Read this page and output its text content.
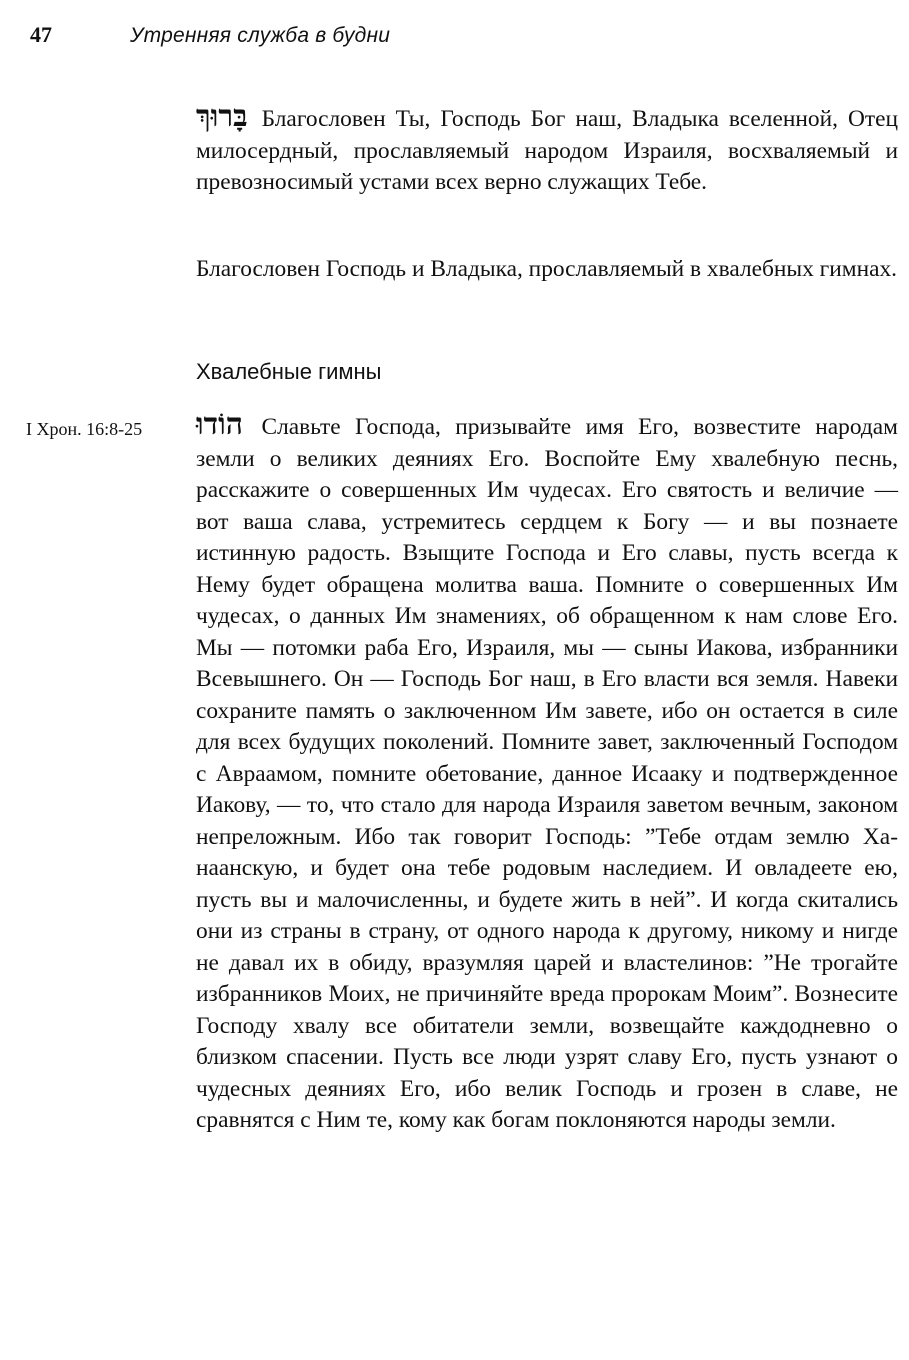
47	Утренняя служба в будни

בָּרוּךְ Благословен Ты, Господь Бог наш, Владыка вселенной, Отец милосердный, прославляемый народом Израиля, восхваляемый и превозносимый устами всех верно служащих Тебе.

Благословен Господь и Владыка, прославляемый в хвалебных гимнах.

Хвалебные гимны
I Хрон. 16:8-25 הוֹדוּ Славьте Господа, призывайте имя Его, возвестите народам земли о великих деяниях Его. Воспойте Ему хвалебную песнь, расскажите о совершенных Им чудесах. Его святость и величие — вот ваша слава, устремитесь сердцем к Богу — и вы познаете истинную радость. Взыщите Господа и Его славы, пусть всегда к Нему будет обращена молитва ваша. Помните о совершенных Им чудесах, о данных Им знамениях, об обращенном к нам слове Его. Мы — потомки раба Его, Израиля, мы — сыны Иакова, избранники Всевышнего. Он — Господь Бог наш, в Его власти вся земля. Навеки сохраните память о заключенном Им завете, ибо он остается в силе для всех будущих поколений. Помните завет, заключенный Господом с Авраамом, помните обетование, данное Исааку и подтвержденное Иакову, — то, что стало для народа Израиля заветом вечным, законом непреложным. Ибо так говорит Господь: ”Тебе отдам землю Ханаанскую, и будет она тебе родовым наследием. И овладеете ею, пусть вы и малочисленны, и будете жить в ней”. И когда скитались они из страны в страну, от одного народа к другому, никому и нигде не давал их в обиду, вразумляя царей и властелинов: ”Не трогайте избранников Моих, не причиняйте вреда пророкам Моим”. Вознесите Господу хвалу все обитатели земли, возвещайте каждодневно о близком спасении. Пусть все люди узрят славу Его, пусть узнают о чудесных деяниях Его, ибо велик Господь и грозен в славе, не сравнятся с Ним те, кому как богам поклоняются народы земли.
